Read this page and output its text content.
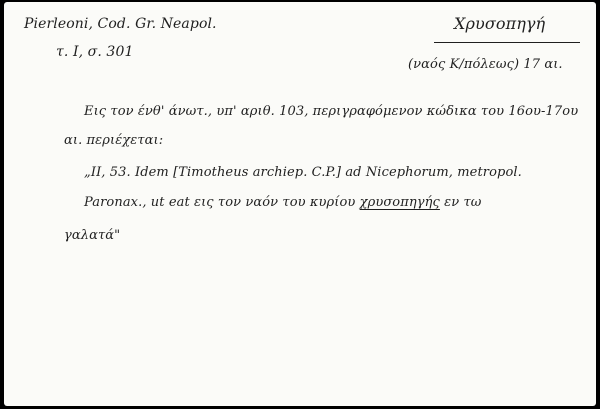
Pierleoni, Cod. Gr. Neapol.
τ. I, σ. 301
Χρυσοπηγή
(ναός Κ/πόλεως) 17 αι.
Εις τον ένθ' άνωτ., υπ' αριθ. 103, περιγραφόμενον κώδικα του 16ου-17ου
αι. περιέχεται:
„II, 53. Idem [Timotheus archiep. C.P.] ad Nicephorum, metropol.
Paronax., ut eat εις τον ναόν του κυρίου χρυσοπηγής εν τω
γαλατά"
